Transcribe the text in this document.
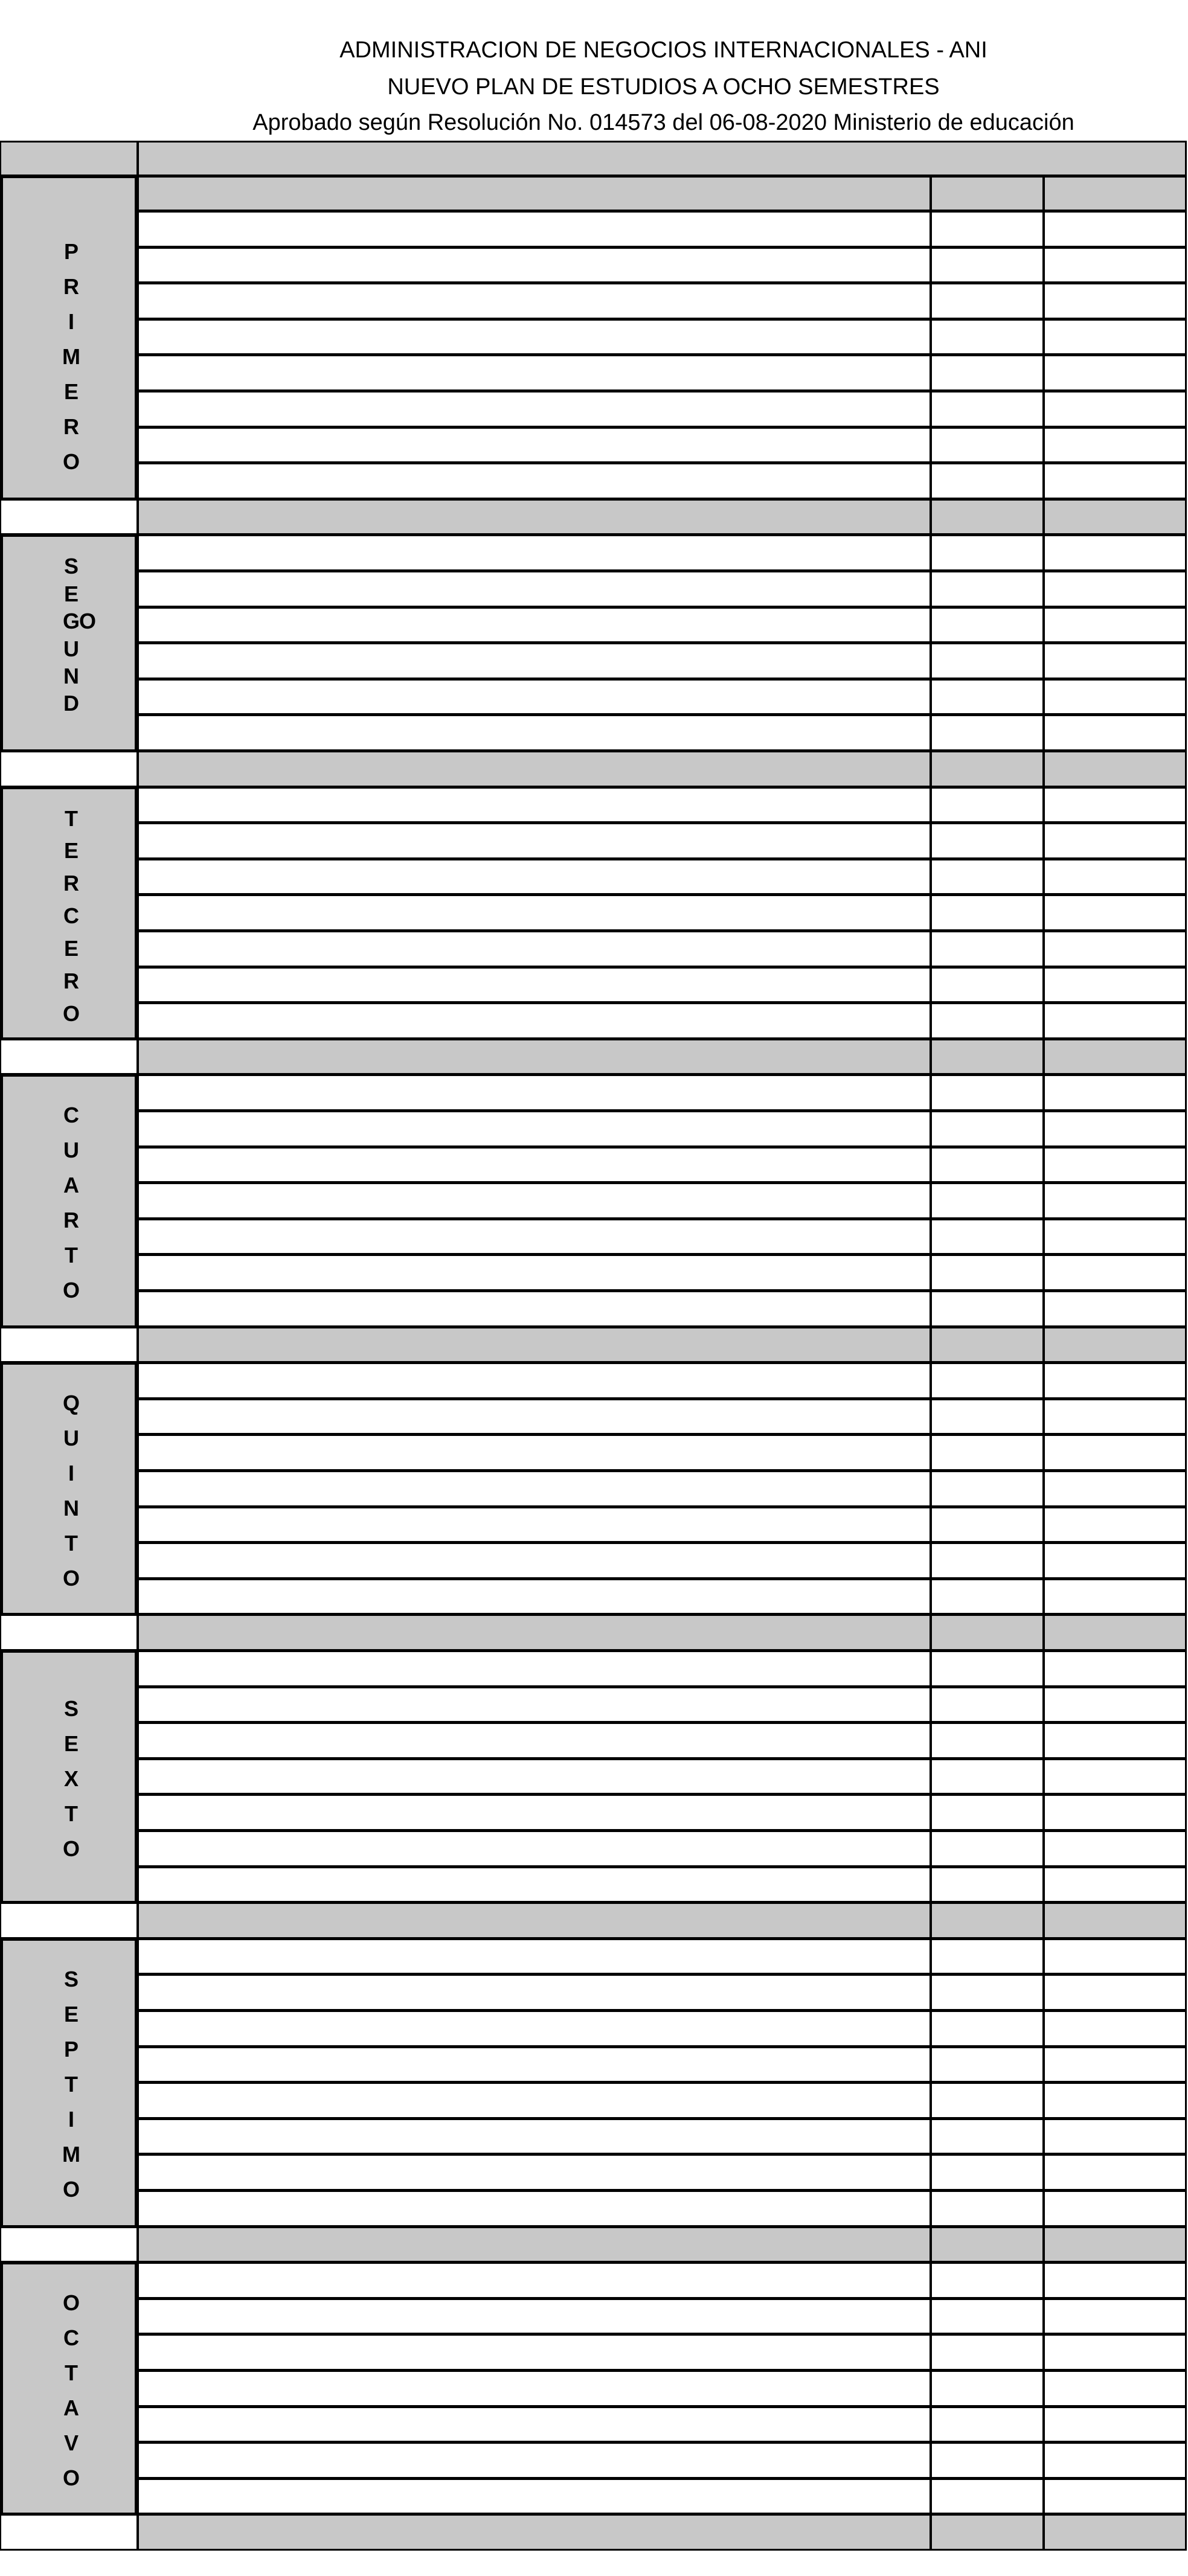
ADMINISTRACION DE NEGOCIOS INTERNACIONALES - ANI
NUEVO PLAN DE ESTUDIOS A OCHO SEMESTRES
Aprobado según Resolución No. 014573 del 06-08-2020 Ministerio de educación
P
R
I
M
E
R
O
S
E
G
U
N
D
O
T
E
R
C
E
R
O
C
U
A
R
T
O
Q
U
I
N
T
O
S
E
X
T
O
S
E
P
T
I
M
O
O
C
T
A
V
O
